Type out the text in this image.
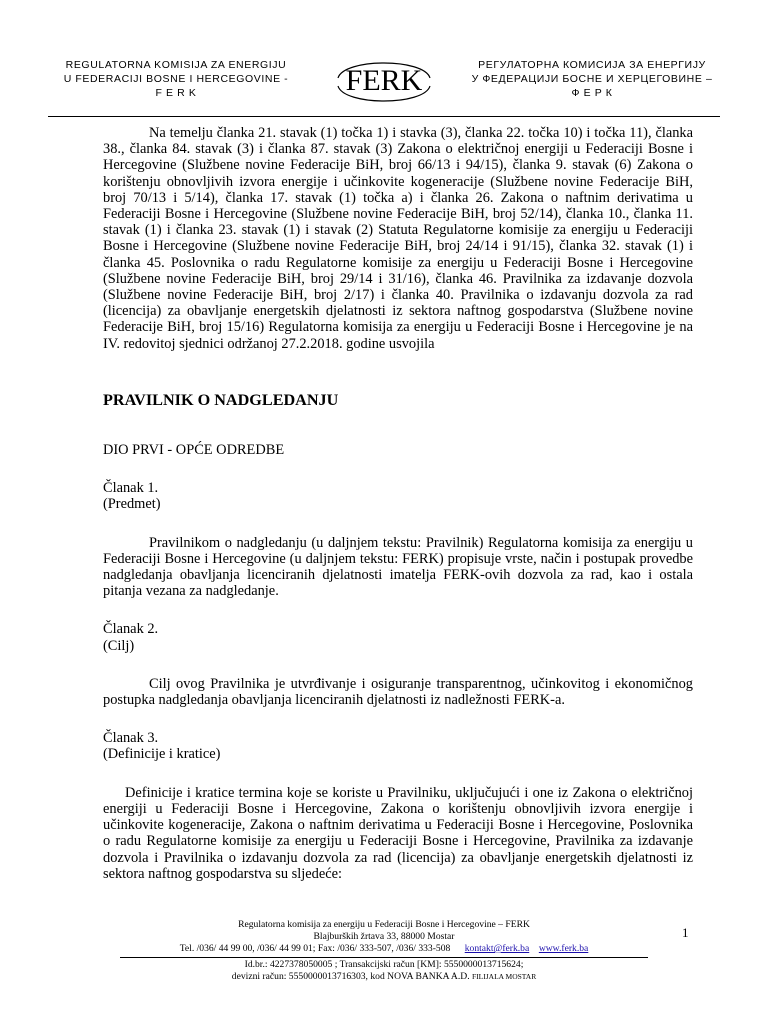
REGULATORNA KOMISIJA ZA ENERGIJU
U FEDERACIJI BOSNE I HERCEGOVINE -
F E R K	FERK	РЕГУЛАТОРНА КОМИСИЈА ЗА ЕНЕРГИЈУ
У ФЕДЕРАЦИЈИ БОСНЕ И ХЕРЦЕГОВИНЕ –
Ф Е Р К

Na temelju članka 21. stavak (1) točka 1) i stavka (3), članka 22. točka 10) i točka 11), članka 38., članka 84. stavak (3) i članka 87. stavak (3) Zakona o električnoj energiji u Federaciji Bosne i Hercegovine (Službene novine Federacije BiH, broj 66/13 i 94/15), članka 9. stavak (6) Zakona o korištenju obnovljivih izvora energije i učinkovite kogeneracije (Službene novine Federacije BiH, broj 70/13 i 5/14), članka 17. stavak (1) točka a) i članka 26. Zakona o naftnim derivatima u Federaciji Bosne i Hercegovine (Službene novine Federacije BiH, broj 52/14), članka 10., članka 11. stavak (1) i članka 23. stavak (1) i stavak (2) Statuta Regulatorne komisije za energiju u Federaciji Bosne i Hercegovine (Službene novine Federacije BiH, broj 24/14 i 91/15), članka 32. stavak (1) i članka 45. Poslovnika o radu Regulatorne komisije za energiju u Federaciji Bosne i Hercegovine (Službene novine Federacije BiH, broj 29/14 i 31/16), članka 46. Pravilnika za izdavanje dozvola (Službene novine Federacije BiH, broj 2/17) i članka 40. Pravilnika o izdavanju dozvola za rad (licencija) za obavljanje energetskih djelatnosti iz sektora naftnog gospodarstva (Službene novine Federacije BiH, broj 15/16) Regulatorna komisija za energiju u Federaciji Bosne i Hercegovine je na IV. redovitoj sjednici održanoj 27.2.2018. godine usvojila

PRAVILNIK O NADGLEDANJU

DIO PRVI - OPĆE ODREDBE

Članak 1.
(Predmet)

Pravilnikom o nadgledanju (u daljnjem tekstu: Pravilnik) Regulatorna komisija za energiju u Federaciji Bosne i Hercegovine (u daljnjem tekstu: FERK) propisuje vrste, način i postupak provedbe nadgledanja obavljanja licenciranih djelatnosti imatelja FERK-ovih dozvola za rad, kao i ostala pitanja vezana za nadgledanje.

Članak 2.
(Cilj)

Cilj ovog Pravilnika je utvrđivanje i osiguranje transparentnog, učinkovitog i ekonomičnog postupka nadgledanja obavljanja licenciranih djelatnosti iz nadležnosti FERK-a.

Članak 3.
(Definicije i kratice)

Definicije i kratice termina koje se koriste u Pravilniku, uključujući i one iz Zakona o električnoj energiji u Federaciji Bosne i Hercegovine, Zakona o korištenju obnovljivih izvora energije i učinkovite kogeneracije, Zakona o naftnim derivatima u Federaciji Bosne i Hercegovine, Poslovnika o radu Regulatorne komisije za energiju u Federaciji Bosne i Hercegovine, Pravilnika za izdavanje dozvola i Pravilnika o izdavanju dozvola za rad (licencija) za obavljanje energetskih djelatnosti iz sektora naftnog gospodarstva su sljedeće:

Regulatorna komisija za energiju u Federaciji Bosne i Hercegovine – FERK
Blajburških žrtava 33, 88000 Mostar
Tel. /036/ 44 99 00, /036/ 44 99 01; Fax: /036/ 333-507, /036/ 333-508 kontakt@ferk.ba www.ferk.ba
Id.br.: 4227378050005 ; Transakcijski račun [KM]: 5550000013715624;
devizni račun: 5550000013716303, kod NOVA BANKA A.D. FILIJALA MOSTAR
1
